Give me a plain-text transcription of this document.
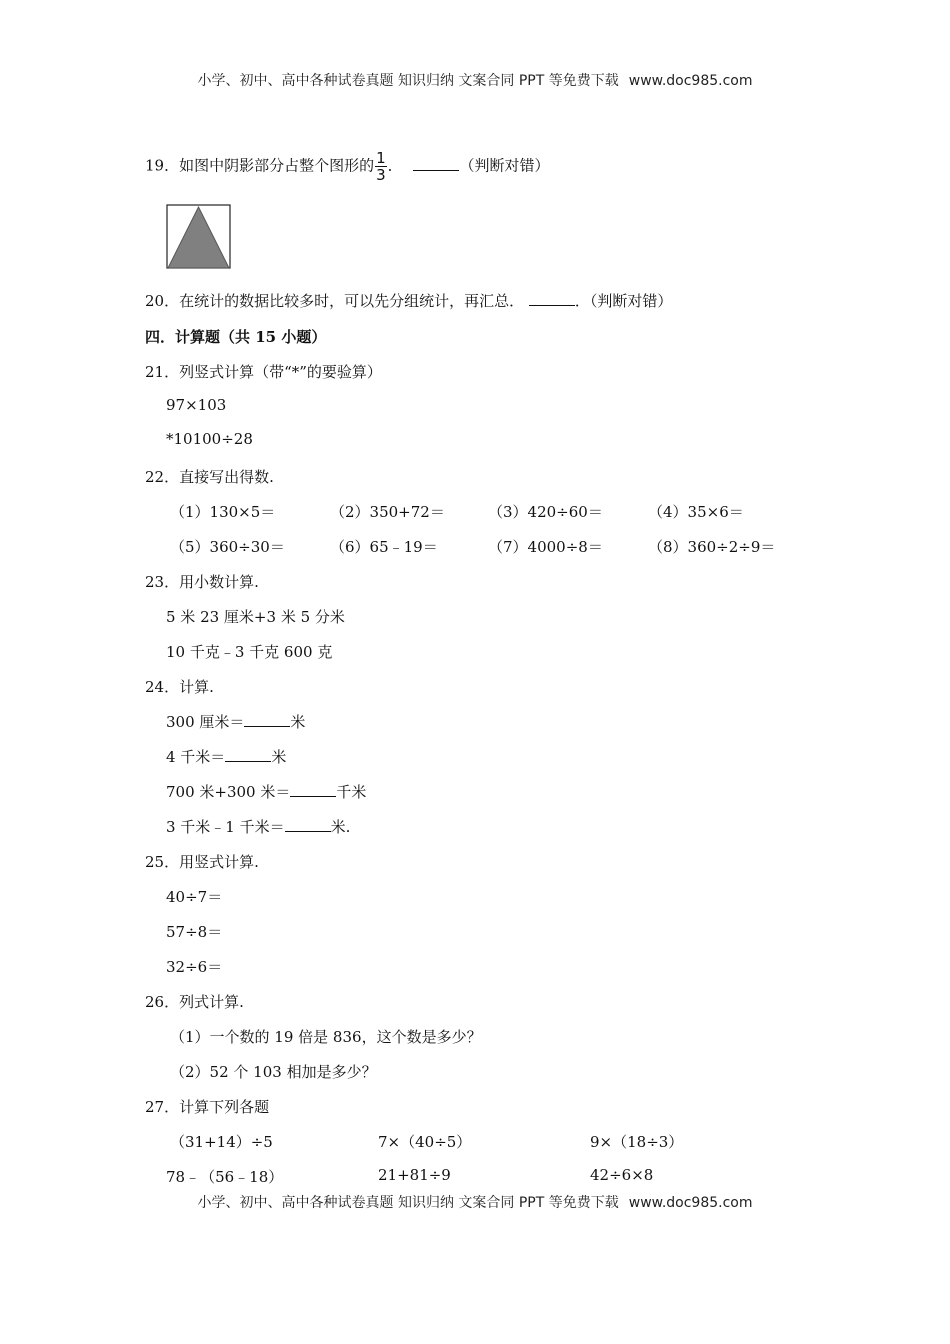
小学、初中、高中各种试卷真题 知识归纳 文案合同 PPT 等免费下载 www.doc985.com
19．如图中阴影部分占整个图形的 $\frac{1}{3}$ ．	（判断对错）
20．在统计的数据比较多时，可以先分组统计，再汇总．	．（判断对错）
四．计算题（共 15 小题）
21．列竖式计算（带“*”的要验算）
97×103
*10100÷28
22．直接写出得数.
（1）130×5＝	（2）350+72＝	（3）420÷60＝	（4）35×6＝
（5）360÷30＝	（6）65﹣19＝	（7）4000÷8＝	（8）360÷2÷9＝
23．用小数计算.
5 米 23 厘米+3 米 5 分米
10 千克﹣3 千克 600 克
24．计算.
300 厘米＝	米
4 千米＝	米
700 米+300 米＝	千米
3 千米﹣1 千米＝	米.
25．用竖式计算.
40÷7＝
57÷8＝
32÷6＝
26．列式计算.
（1）一个数的 19 倍是 836，这个数是多少？
（2）52 个 103 相加是多少？
27．计算下列各题
（31+14）÷5	7×（40÷5）	9×（18÷3）
78﹣（56﹣18）	21+81÷9	42÷6×8
小学、初中、高中各种试卷真题 知识归纳 文案合同 PPT 等免费下载 www.doc985.com
